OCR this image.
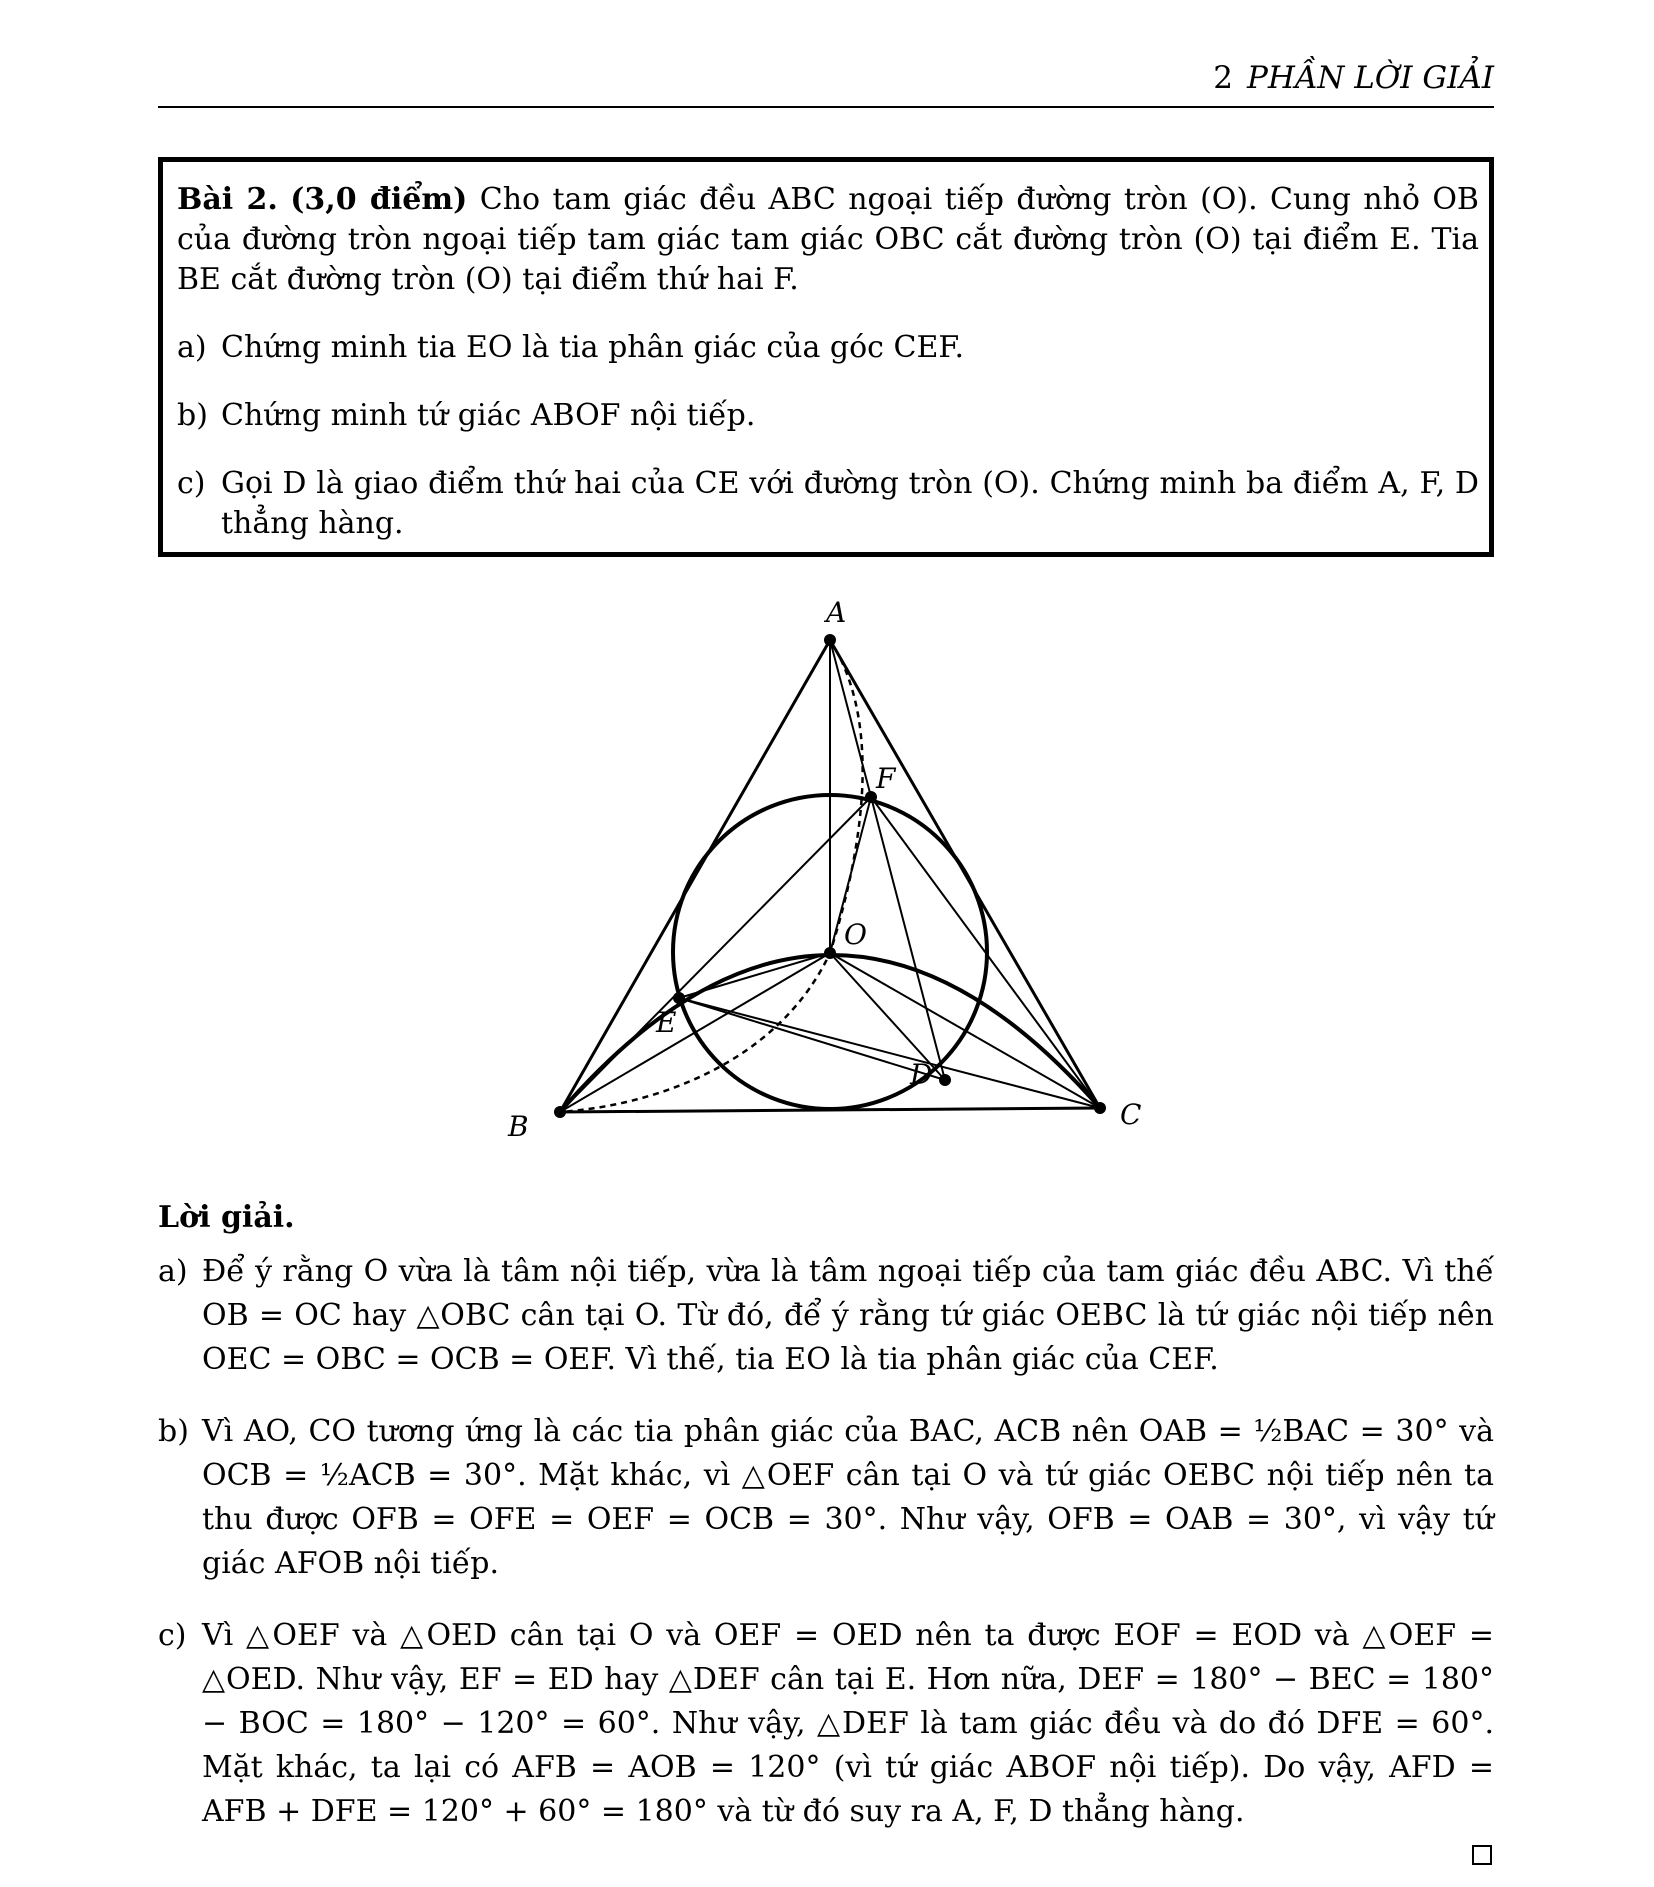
2 PHẦN LỜI GIẢI

Bài 2. (3,0 điểm) Cho tam giác đều ABC ngoại tiếp đường tròn (O). Cung nhỏ OB của đường tròn ngoại tiếp tam giác tam giác OBC cắt đường tròn (O) tại điểm E. Tia BE cắt đường tròn (O) tại điểm thứ hai F.

a) Chứng minh tia EO là tia phân giác của góc CEF.
b) Chứng minh tứ giác ABOF nội tiếp.
c) Gọi D là giao điểm thứ hai của CE với đường tròn (O). Chứng minh ba điểm A, F, D thẳng hàng.
A
B	C
O
E
F
D
Lời giải.
a) Để ý rằng O vừa là tâm nội tiếp, vừa là tâm ngoại tiếp của tam giác đều ABC. Vì thế OB = OC hay △OBC cân tại O. Từ đó, để ý rằng tứ giác OEBC là tứ giác nội tiếp nên OEC = OBC = OCB = OEF. Vì thế, tia EO là tia phân giác của CEF.
b) Vì AO, CO tương ứng là các tia phân giác của BAC, ACB nên OAB = ½BAC = 30° và OCB = ½ACB = 30°. Mặt khác, vì △OEF cân tại O và tứ giác OEBC nội tiếp nên ta thu được OFB = OFE = OEF = OCB = 30°. Như vậy, OFB = OAB = 30°, vì vậy tứ giác AFOB nội tiếp.
c) Vì △OEF và △OED cân tại O và OEF = OED nên ta được EOF = EOD và △OEF = △OED. Như vậy, EF = ED hay △DEF cân tại E. Hơn nữa, DEF = 180° − BEC = 180° − BOC = 180° − 120° = 60°. Như vậy, △DEF là tam giác đều và do đó DFE = 60°. Mặt khác, ta lại có AFB = AOB = 120° (vì tứ giác ABOF nội tiếp). Do vậy, AFD = AFB + DFE = 120° + 60° = 180° và từ đó suy ra A, F, D thẳng hàng.
